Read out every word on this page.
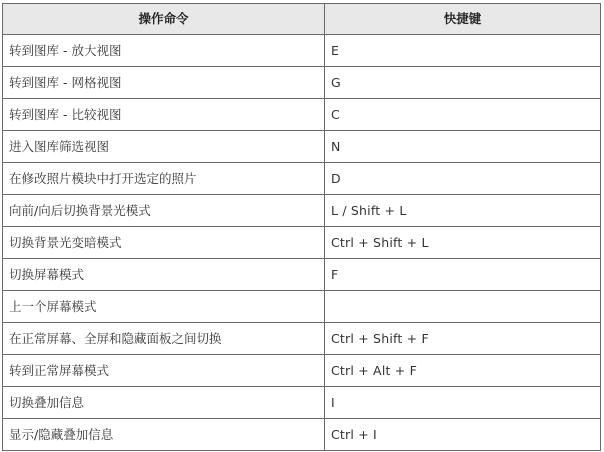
操作命令	快捷键
转到图库 - 放大视图	E
转到图库 - 网格视图	G
转到图库 - 比较视图	C
进入图库筛选视图	N
在修改照片模块中打开选定的照片	D
向前/向后切换背景光模式	L / Shift + L
切换背景光变暗模式	Ctrl + Shift + L
切换屏幕模式	F
上一个屏幕模式	
在正常屏幕、全屏和隐藏面板之间切换	Ctrl + Shift + F
转到正常屏幕模式	Ctrl + Alt + F
切换叠加信息	I
显示/隐藏叠加信息	Ctrl + I
